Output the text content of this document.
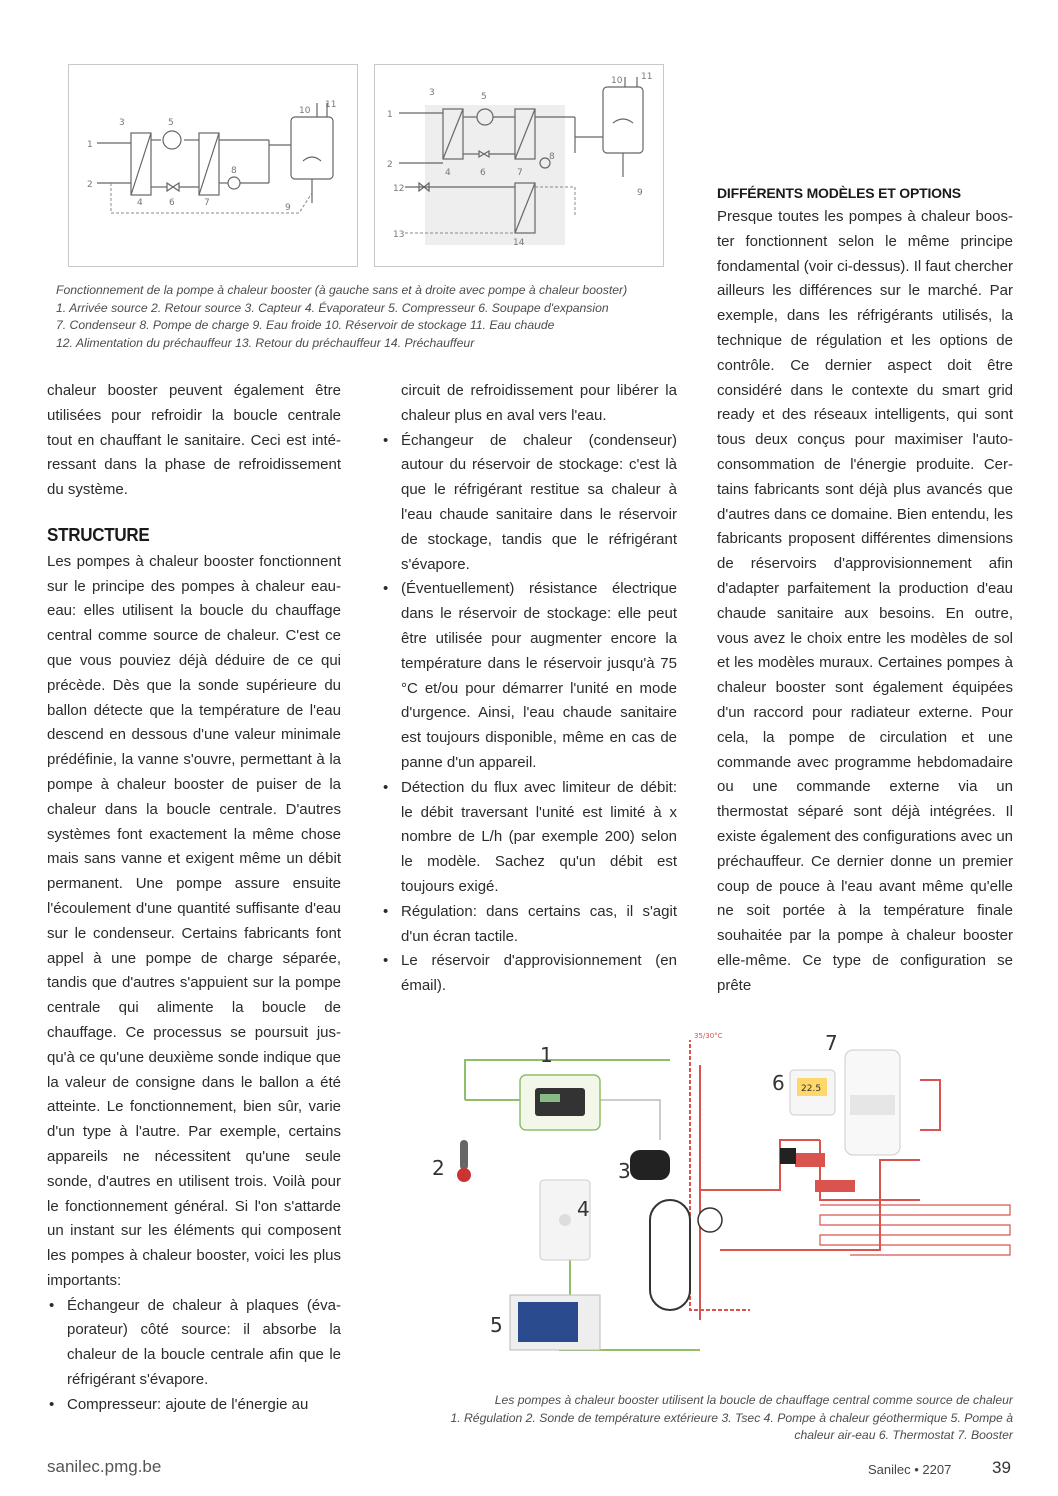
1
2
3
4
5
6	7
8
9
10
11
1
2
3
4
5
6	7
8
9
10 11
12
13
14
Fonctionnement de la pompe à chaleur booster (à gauche sans et à droite avec pompe à chaleur booster)
1. Arrivée source 2. Retour source 3. Capteur 4. Évaporateur 5. Compresseur 6. Soupape d'expansion
7. Condenseur 8. Pompe de charge 9. Eau froide 10. Réservoir de stockage 11. Eau chaude
12. Alimentation du préchauffeur 13. Retour du préchauffeur 14. Préchauffeur

chaleur booster peuvent également être utilisées pour refroidir la boucle centrale tout en chauffant le sanitaire. Ceci est intéressant dans la phase de refroidissement du système.

STRUCTURE

Les pompes à chaleur booster fonctionnent sur le principe des pompes à chaleur eau-eau: elles utilisent la boucle du chauffage central comme source de chaleur. C'est ce que vous pouviez déjà déduire de ce qui précède. Dès que la sonde supérieure du ballon détecte que la température de l'eau descend en dessous d'une valeur minimale prédéfinie, la vanne s'ouvre, permettant à la pompe à chaleur booster de puiser de la chaleur dans la boucle centrale. D'autres systèmes font exactement la même chose mais sans vanne et exigent même un débit permanent. Une pompe assure ensuite l'écoulement d'une quantité suffisante d'eau sur le condenseur. Certains fabricants font appel à une pompe de charge séparée, tandis que d'autres s'appuient sur la pompe centrale qui alimente la boucle de chauffage. Ce processus se poursuit jusqu'à ce qu'une deuxième sonde indique que la valeur de consigne dans le ballon a été atteinte. Le fonctionnement, bien sûr, varie d'un type à l'autre. Par exemple, certains appareils ne nécessitent qu'une seule sonde, d'autres en utilisent trois. Voilà pour le fonctionnement général. Si l'on s'attarde un instant sur les éléments qui composent les pompes à chaleur booster, voici les plus importants:

• Échangeur de chaleur à plaques (évaporateur) côté source: il absorbe la chaleur de la boucle centrale afin que le réfrigérant s'évapore.
• Compresseur: ajoute de l'énergie au

circuit de refroidissement pour libérer la chaleur plus en aval vers l'eau.

• Échangeur de chaleur (condenseur) autour du réservoir de stockage: c'est là que le réfrigérant restitue sa chaleur à l'eau chaude sanitaire dans le réservoir de stockage, tandis que le réfrigérant s'évapore.
• (Éventuellement) résistance électrique dans le réservoir de stockage: elle peut être utilisée pour augmenter encore la température dans le réservoir jusqu'à 75 °C et/ou pour démarrer l'unité en mode d'urgence. Ainsi, l'eau chaude sanitaire est toujours disponible, même en cas de panne d'un appareil.
• Détection du flux avec limiteur de débit: le débit traversant l'unité est limité à x nombre de L/h (par exemple 200) selon le modèle. Sachez qu'un débit est toujours exigé.
• Régulation: dans certains cas, il s'agit d'un écran tactile.
• Le réservoir d'approvisionnement (en émail).
DIFFÉRENTS MODÈLES ET OPTIONS

Presque toutes les pompes à chaleur booster fonctionnent selon le même principe fondamental (voir ci-dessus). Il faut chercher ailleurs les différences sur le marché. Par exemple, dans les réfrigérants utilisés, la technique de régulation et les options de contrôle. Ce dernier aspect doit être considéré dans le contexte du smart grid ready et des réseaux intelligents, qui sont tous deux conçus pour maximiser l'autoconsommation de l'énergie produite. Certains fabricants sont déjà plus avancés que d'autres dans ce domaine. Bien entendu, les fabricants proposent différentes dimensions de réservoirs d'approvisionnement afin d'adapter parfaitement la production d'eau chaude sanitaire aux besoins. En outre, vous avez le choix entre les modèles de sol et les modèles muraux. Certaines pompes à chaleur booster sont également équipées d'un raccord pour radiateur externe. Pour cela, la pompe de circulation et une commande avec programme hebdomadaire ou une commande externe via un thermostat séparé sont déjà intégrées. Il existe également des configurations avec un préchauffeur. Ce dernier donne un premier coup de pouce à l'eau avant même qu'elle ne soit portée à la température finale souhaitée par la pompe à chaleur booster elle-même. Ce type de configuration se prête

22.5
1
2	3
4
5
6
7
35/30°C
Les pompes à chaleur booster utilisent la boucle de chauffage central comme source de chaleur
1. Régulation 2. Sonde de température extérieure 3. Tsec 4. Pompe à chaleur géothermique 5. Pompe à
chaleur air-eau 6. Thermostat 7. Booster
sanilec.pmg.be	Sanilec • 2207 39
